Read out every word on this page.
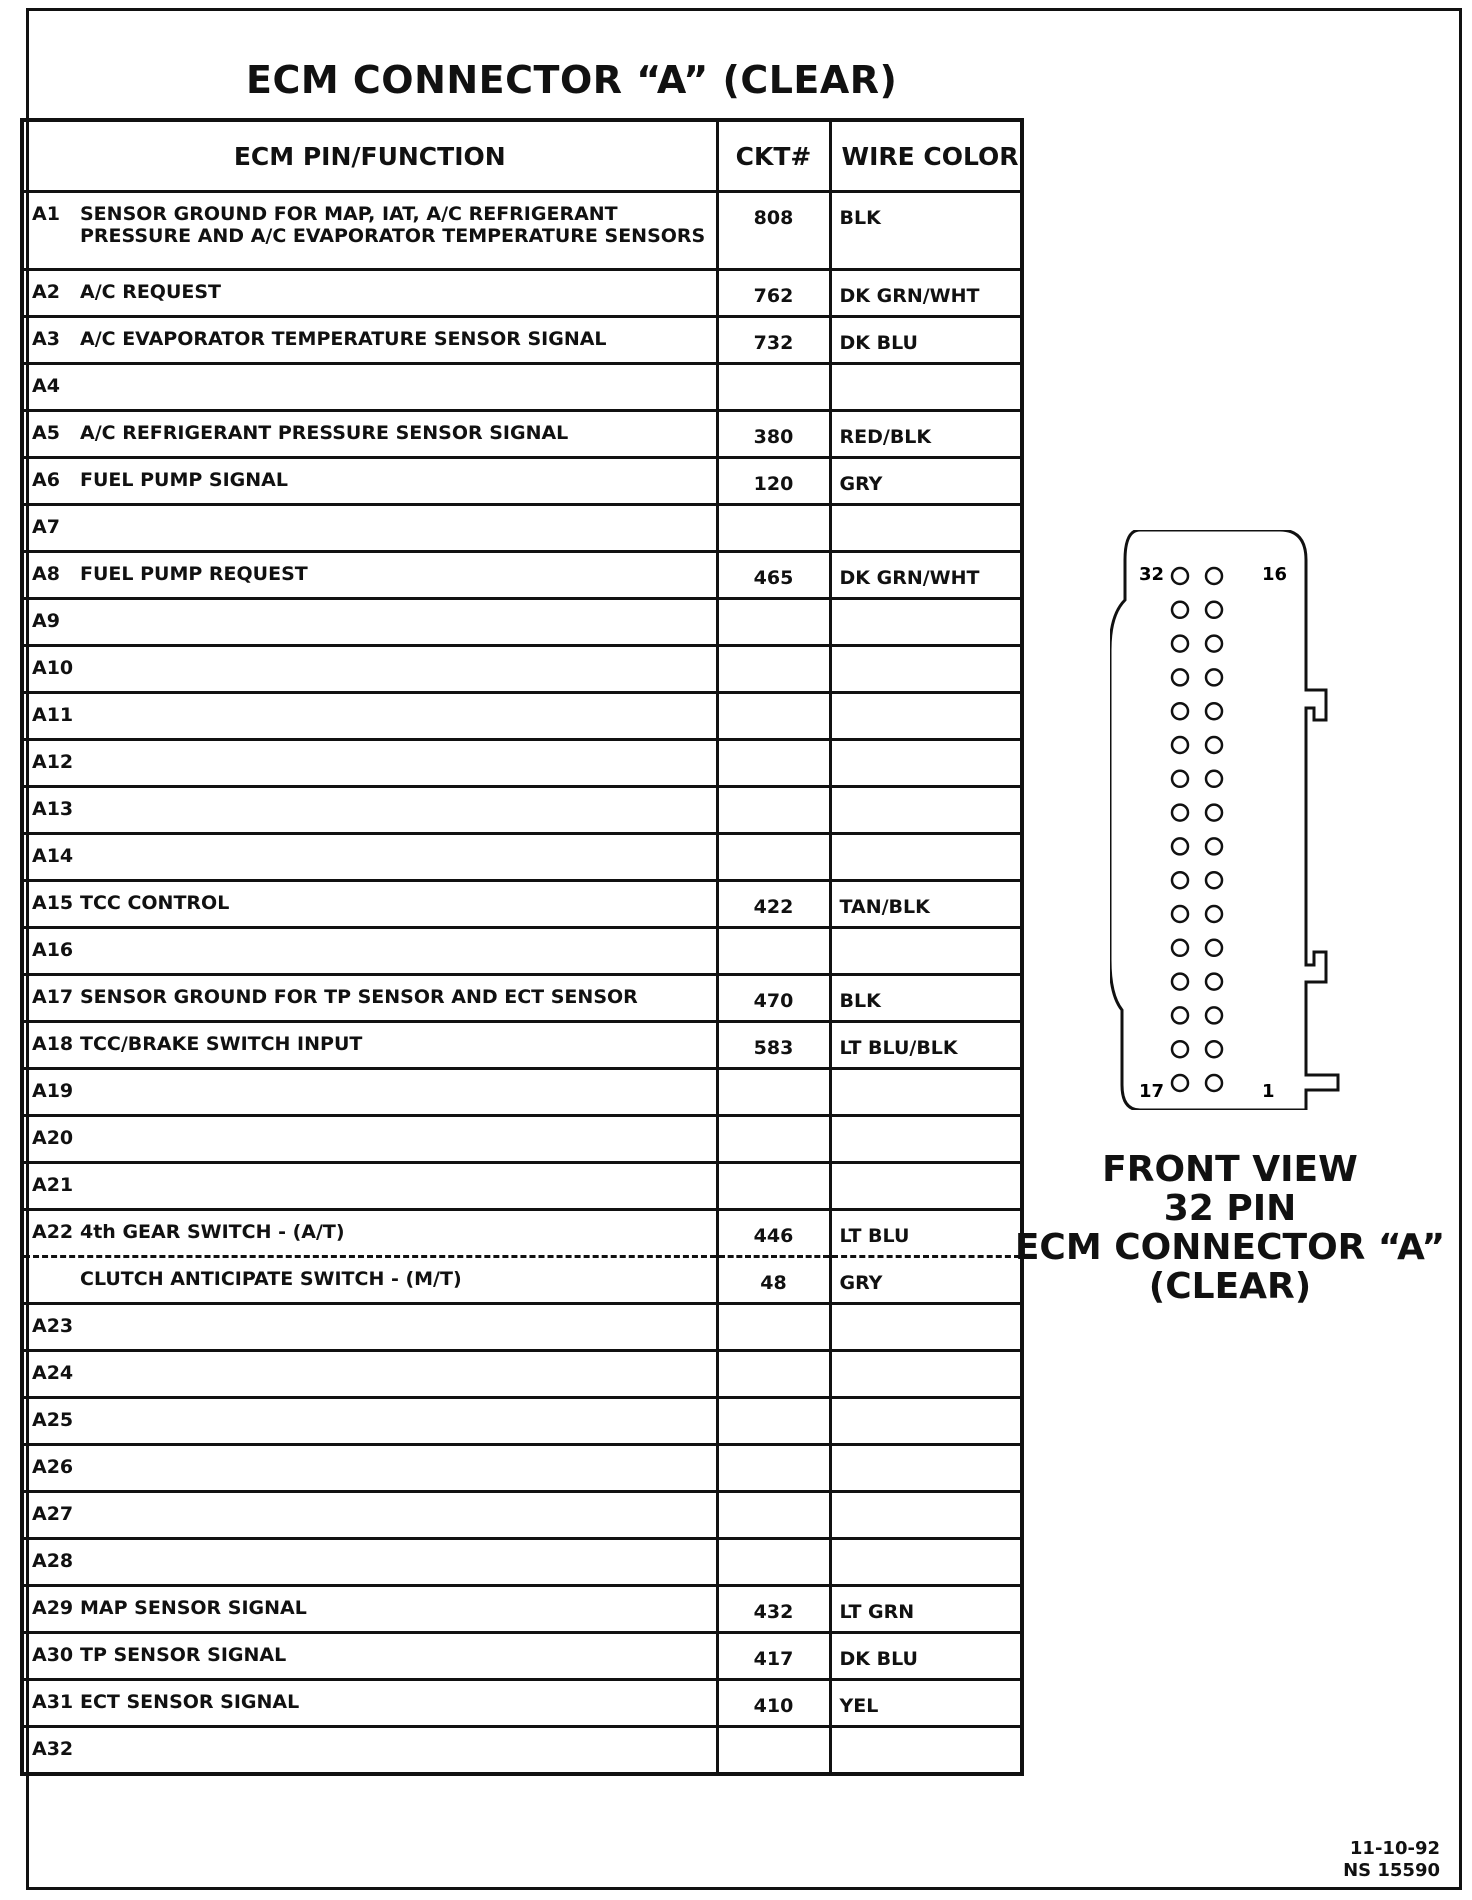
ECM CONNECTOR “A” (CLEAR)
ECM PIN/FUNCTION	CKT#	WIRE COLOR

A1 SENSOR GROUND FOR MAP, IAT, A/C REFRIGERANT
PRESSURE AND A/C EVAPORATOR TEMPERATURE SENSORS	808	BLK

A2 A/C REQUEST	762	DK GRN/WHT

A3 A/C EVAPORATOR TEMPERATURE SENSOR SIGNAL	732	DK BLU

A4		

A5 A/C REFRIGERANT PRESSURE SENSOR SIGNAL	380	RED/BLK

A6 FUEL PUMP SIGNAL	120	GRY

A7		

A8 FUEL PUMP REQUEST	465	DK GRN/WHT

A9		

A10		

A11		

A12		

A13		

A14		

A15 TCC CONTROL	422	TAN/BLK

A16		

A17 SENSOR GROUND FOR TP SENSOR AND ECT SENSOR	470	BLK

A18 TCC/BRAKE SWITCH INPUT	583	LT BLU/BLK

A19		

A20		

A21		

A22 4th GEAR SWITCH - (A/T)	446	LT BLU

CLUTCH ANTICIPATE SWITCH - (M/T)	48	GRY

A23		

A24		

A25		

A26		

A27		

A28		

A29 MAP SENSOR SIGNAL	432	LT GRN

A30 TP SENSOR SIGNAL	417	DK BLU

A31 ECT SENSOR SIGNAL	410	YEL

A32		

32	16
17	1
FRONT VIEW
32 PIN
ECM CONNECTOR “A”
(CLEAR)
11-10-92
NS 15590
